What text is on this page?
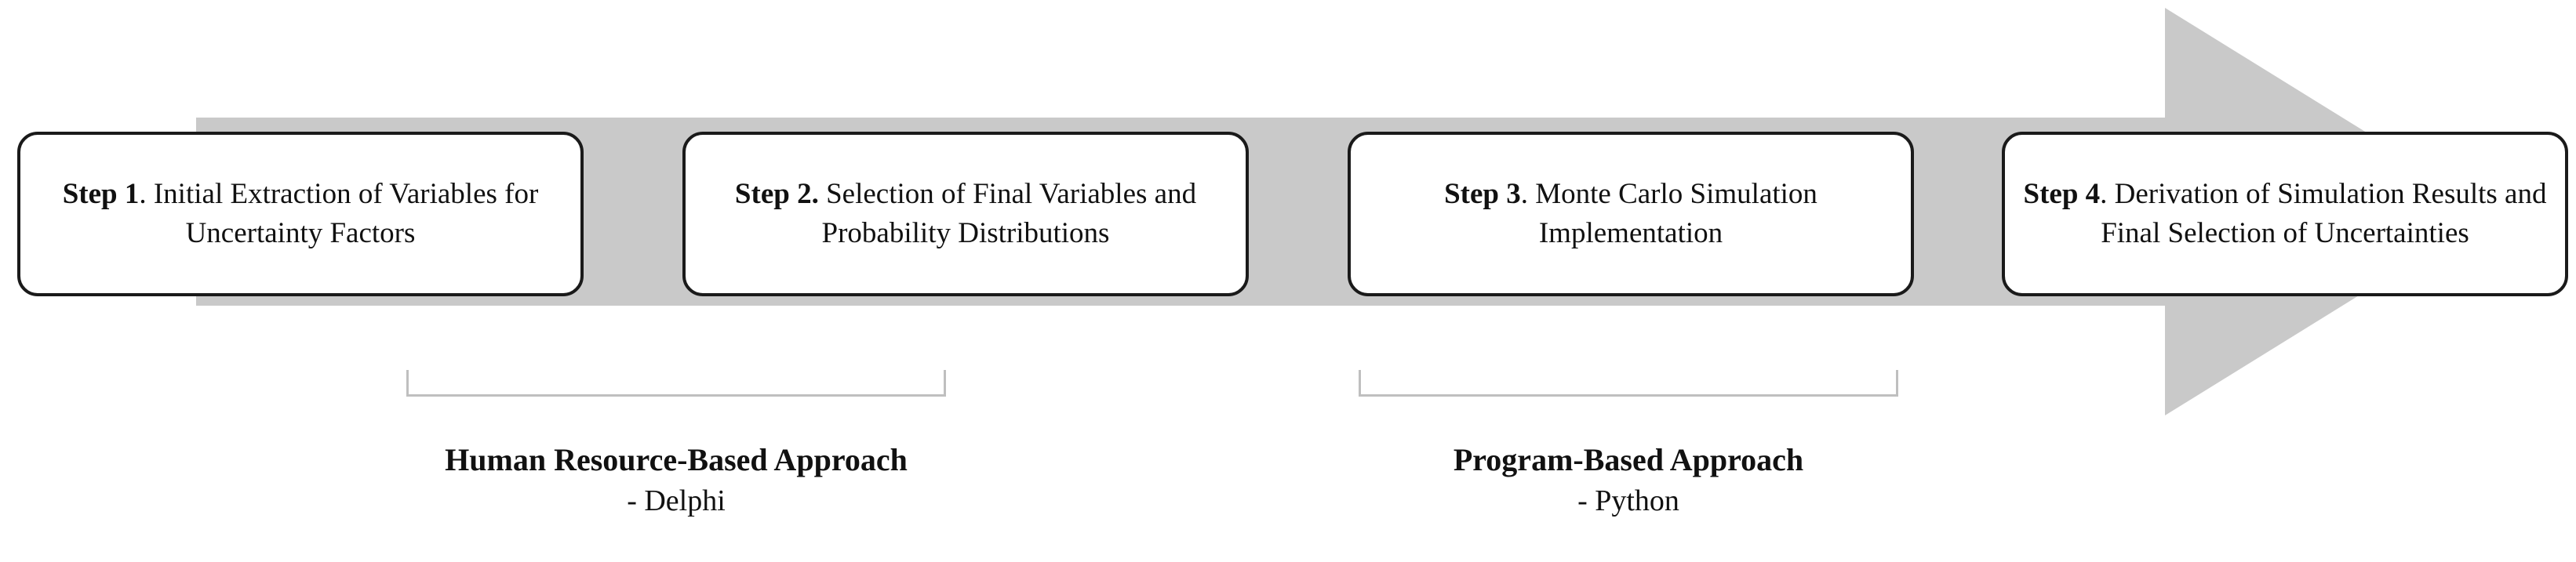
Step 1. Initial Extraction of Variables for Uncertainty Factors
Step 2. Selection of Final Variables and Probability Distributions
Step 3. Monte Carlo Simulation Implementation
Step 4. Derivation of Simulation Results and Final Selection of Uncertainties
Human Resource-Based Approach
- Delphi
Program-Based Approach
- Python
